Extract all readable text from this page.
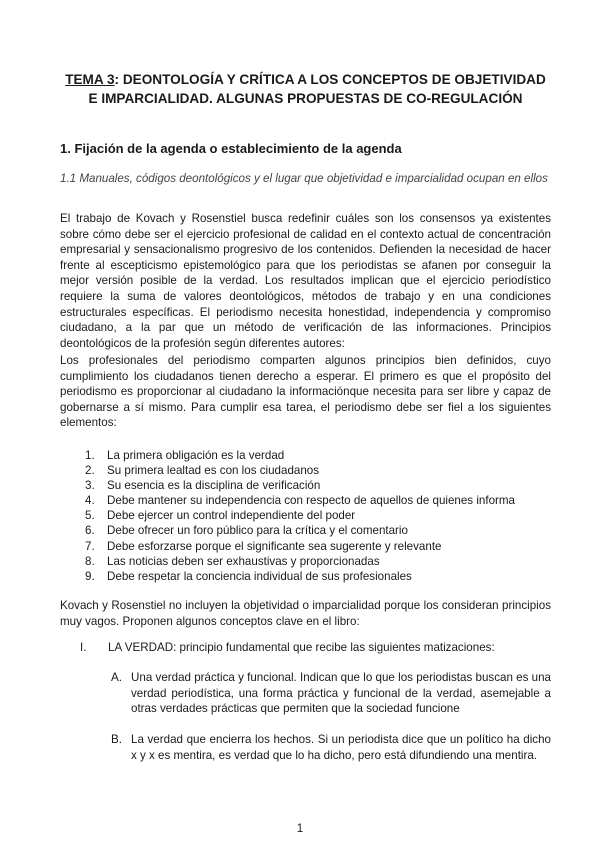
TEMA 3: DEONTOLOGÍA Y CRÍTICA A LOS CONCEPTOS DE OBJETIVIDAD E IMPARCIALIDAD. ALGUNAS PROPUESTAS DE CO-REGULACIÓN
1. Fijación de la agenda o establecimiento de la agenda
1.1 Manuales, códigos deontológicos y el lugar que objetividad e imparcialidad ocupan en ellos
El trabajo de Kovach y Rosenstiel busca redefinir cuáles son los consensos ya existentes sobre cómo debe ser el ejercicio profesional de calidad en el contexto actual de concentración empresarial y sensacionalismo progresivo de los contenidos. Defienden la necesidad de hacer frente al escepticismo epistemológico para que los periodistas se afanen por conseguir la mejor versión posible de la verdad. Los resultados implican que el ejercicio periodístico requiere la suma de valores deontológicos, métodos de trabajo y en una condiciones estructurales específicas. El periodismo necesita honestidad, independencia y compromiso ciudadano, a la par que un método de verificación de las informaciones. Principios deontológicos de la profesión según diferentes autores:
Los profesionales del periodismo comparten algunos principios bien definidos, cuyo cumplimiento los ciudadanos tienen derecho a esperar. El primero es que el propósito del periodismo es proporcionar al ciudadano la informaciónque necesita para ser libre y capaz de gobernarse a sí mismo. Para cumplir esa tarea, el periodismo debe ser fiel a los siguientes elementos:
1. La primera obligación es la verdad
2. Su primera lealtad es con los ciudadanos
3. Su esencia es la disciplina de verificación
4. Debe mantener su independencia con respecto de aquellos de quienes informa
5. Debe ejercer un control independiente del poder
6. Debe ofrecer un foro público para la crítica y el comentario
7. Debe esforzarse porque el significante sea sugerente y relevante
8. Las noticias deben ser exhaustivas y proporcionadas
9. Debe respetar la conciencia individual de sus profesionales
Kovach y Rosenstiel no incluyen la objetividad o imparcialidad porque los consideran principios muy vagos. Proponen algunos conceptos clave en el libro:
I. LA VERDAD: principio fundamental que recibe las siguientes matizaciones:
A. Una verdad práctica y funcional. Indican que lo que los periodistas buscan es una verdad periodística, una forma práctica y funcional de la verdad, asemejable a otras verdades prácticas que permiten que la sociedad funcione
B. La verdad que encierra los hechos. Si un periodista dice que un político ha dicho x y x es mentira, es verdad que lo ha dicho, pero está difundiendo una mentira.
1
